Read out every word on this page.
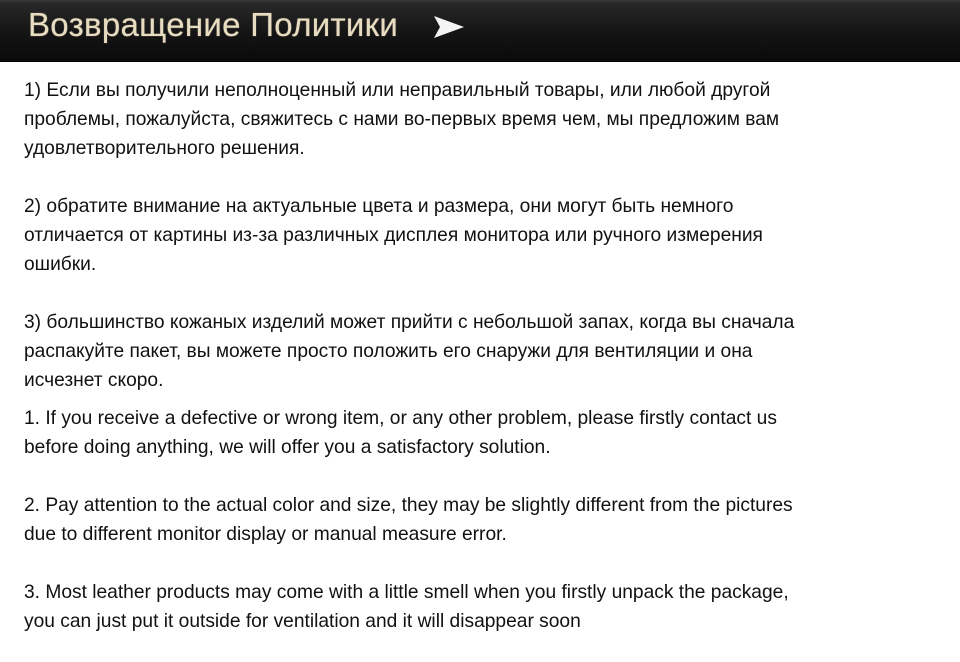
Возвращение Политики

1) Если вы получили неполноценный или неправильный товары, или любой другой
проблемы, пожалуйста, свяжитесь с нами во-первых время чем, мы предложим вам
удовлетворительного решения.

2) обратите внимание на актуальные цвета и размера, они могут быть немного
отличается от картины из-за различных дисплея монитора или ручного измерения
ошибки.

3) большинство кожаных изделий может прийти с небольшой запах, когда вы сначала
распакуйте пакет, вы можете просто положить его снаружи для вентиляции и она
исчезнет скоро.

1. If you receive a defective or wrong item, or any other problem, please firstly contact us
before doing anything, we will offer you a satisfactory solution.

2. Pay attention to the actual color and size, they may be slightly different from the pictures
due to different monitor display or manual measure error.

3. Most leather products may come with a little smell when you firstly unpack the package,
you can just put it outside for ventilation and it will disappear soon
